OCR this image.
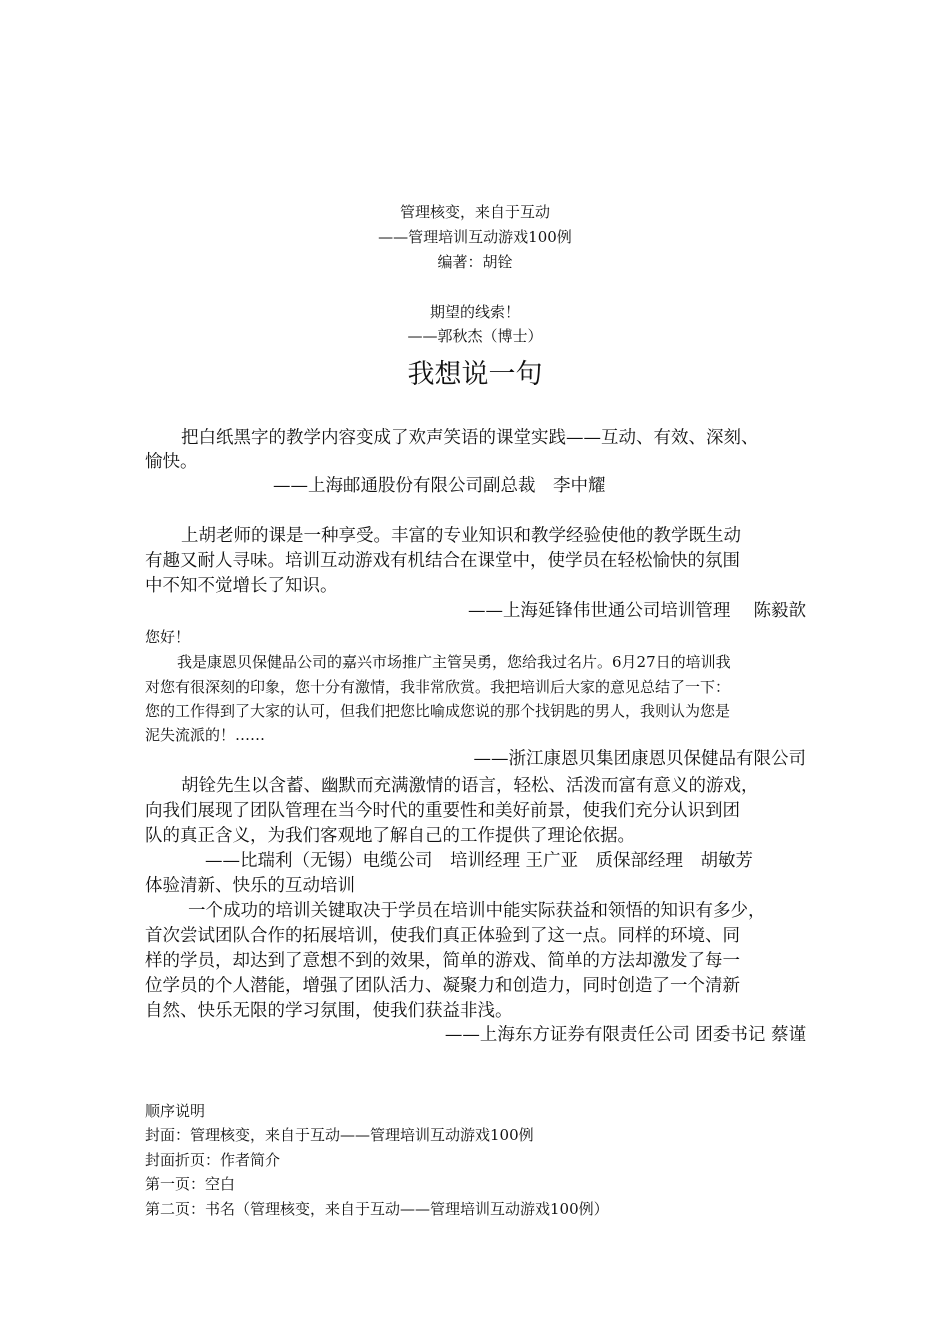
管理核变，来自于互动
——管理培训互动游戏100例
编著：胡铨
期望的线索！
——郭秋杰（博士）
我想说一句
把白纸黑字的教学内容变成了欢声笑语的课堂实践——互动、有效、深刻、
愉快。
——上海邮通股份有限公司副总裁　李中耀
上胡老师的课是一种享受。丰富的专业知识和教学经验使他的教学既生动
有趣又耐人寻味。培训互动游戏有机结合在课堂中，使学员在轻松愉快的氛围
中不知不觉增长了知识。
——上海延锋伟世通公司培训管理　 陈毅歆
您好！
我是康恩贝保健品公司的嘉兴市场推广主管吴勇，您给我过名片。6月27日的培训我
对您有很深刻的印象，您十分有激情，我非常欣赏。我把培训后大家的意见总结了一下：
您的工作得到了大家的认可，但我们把您比喻成您说的那个找钥匙的男人，我则认为您是
泥失流派的！……
——浙江康恩贝集团康恩贝保健品有限公司
胡铨先生以含蓄、幽默而充满激情的语言，轻松、活泼而富有意义的游戏，
向我们展现了团队管理在当今时代的重要性和美好前景，使我们充分认识到团
队的真正含义，为我们客观地了解自己的工作提供了理论依据。
——比瑞利（无锡）电缆公司　培训经理 王广亚　质保部经理　胡敏芳
体验清新、快乐的互动培训
一个成功的培训关键取决于学员在培训中能实际获益和领悟的知识有多少，
首次尝试团队合作的拓展培训，使我们真正体验到了这一点。同样的环境、同
样的学员，却达到了意想不到的效果，简单的游戏、简单的方法却激发了每一
位学员的个人潜能，增强了团队活力、凝聚力和创造力，同时创造了一个清新
自然、快乐无限的学习氛围，使我们获益非浅。
——上海东方证券有限责任公司 团委书记 蔡谨
顺序说明
封面：管理核变，来自于互动——管理培训互动游戏100例
封面折页：作者简介
第一页：空白
第二页：书名（管理核变，来自于互动——管理培训互动游戏100例）
